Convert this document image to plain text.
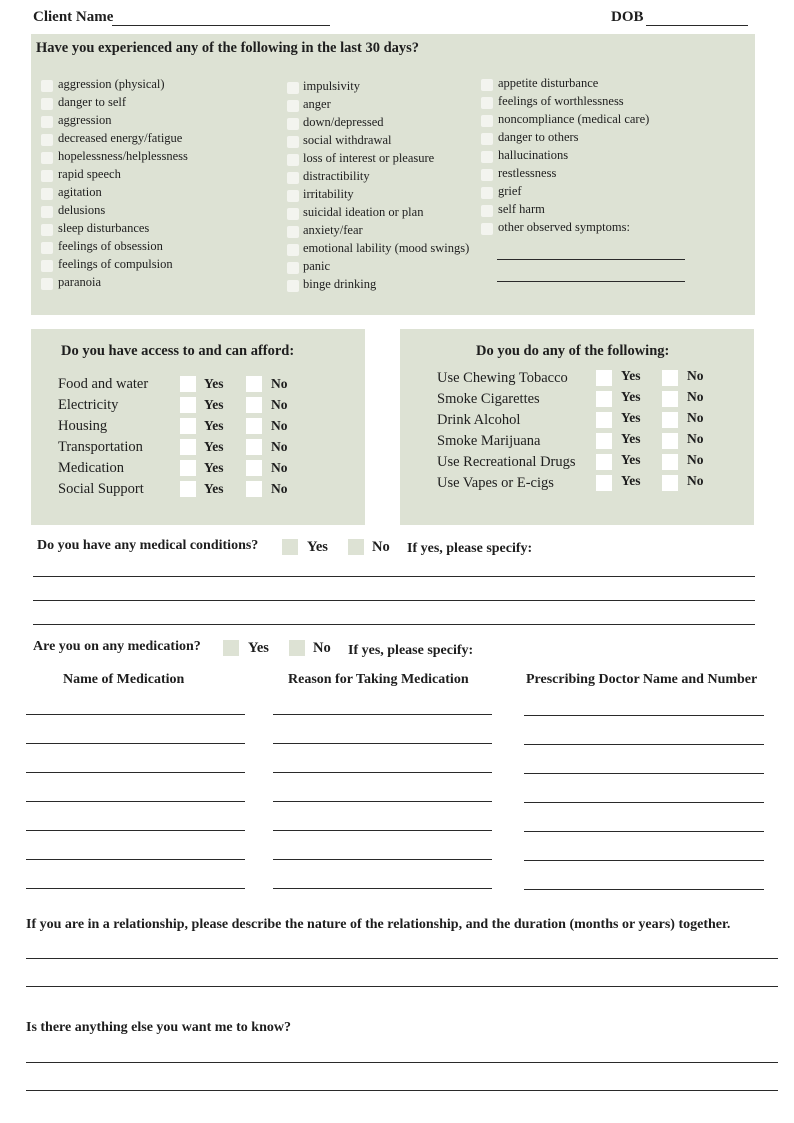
Client Name	DOB
Have you experienced any of the following in the last 30 days?
aggression (physical)
danger to self
aggression
decreased energy/fatigue
hopelessness/helplessness
rapid speech
agitation
delusions
sleep disturbances
feelings of obsession
feelings of compulsion
paranoia
impulsivity
anger
down/depressed
social withdrawal
loss of interest or pleasure
distractibility
irritability
suicidal ideation or plan
anxiety/fear
emotional lability (mood swings)
panic
binge drinking
appetite disturbance
feelings of worthlessness
noncompliance (medical care)
danger to others
hallucinations
restlessness
grief
self harm
other observed symptoms:
Do you have access to and can afford:
Food and water	Yes	No
Electricity	Yes	No
Housing	Yes	No
Transportation	Yes	No
Medication	Yes	No
Social Support	Yes	No
Do you do any of the following:
Use Chewing Tobacco	Yes	No
Smoke Cigarettes	Yes	No
Drink Alcohol	Yes	No
Smoke Marijuana	Yes	No
Use Recreational Drugs	Yes	No
Use Vapes or E-cigs	Yes	No
Do you have any medical conditions?	Yes	No If yes, please specify:
Are you on any medication?	Yes	No If yes, please specify:
Name of Medication	Reason for Taking Medication	Prescribing Doctor Name and Number
If you are in a relationship, please describe the nature of the relationship, and the duration (months or years) together.
Is there anything else you want me to know?
